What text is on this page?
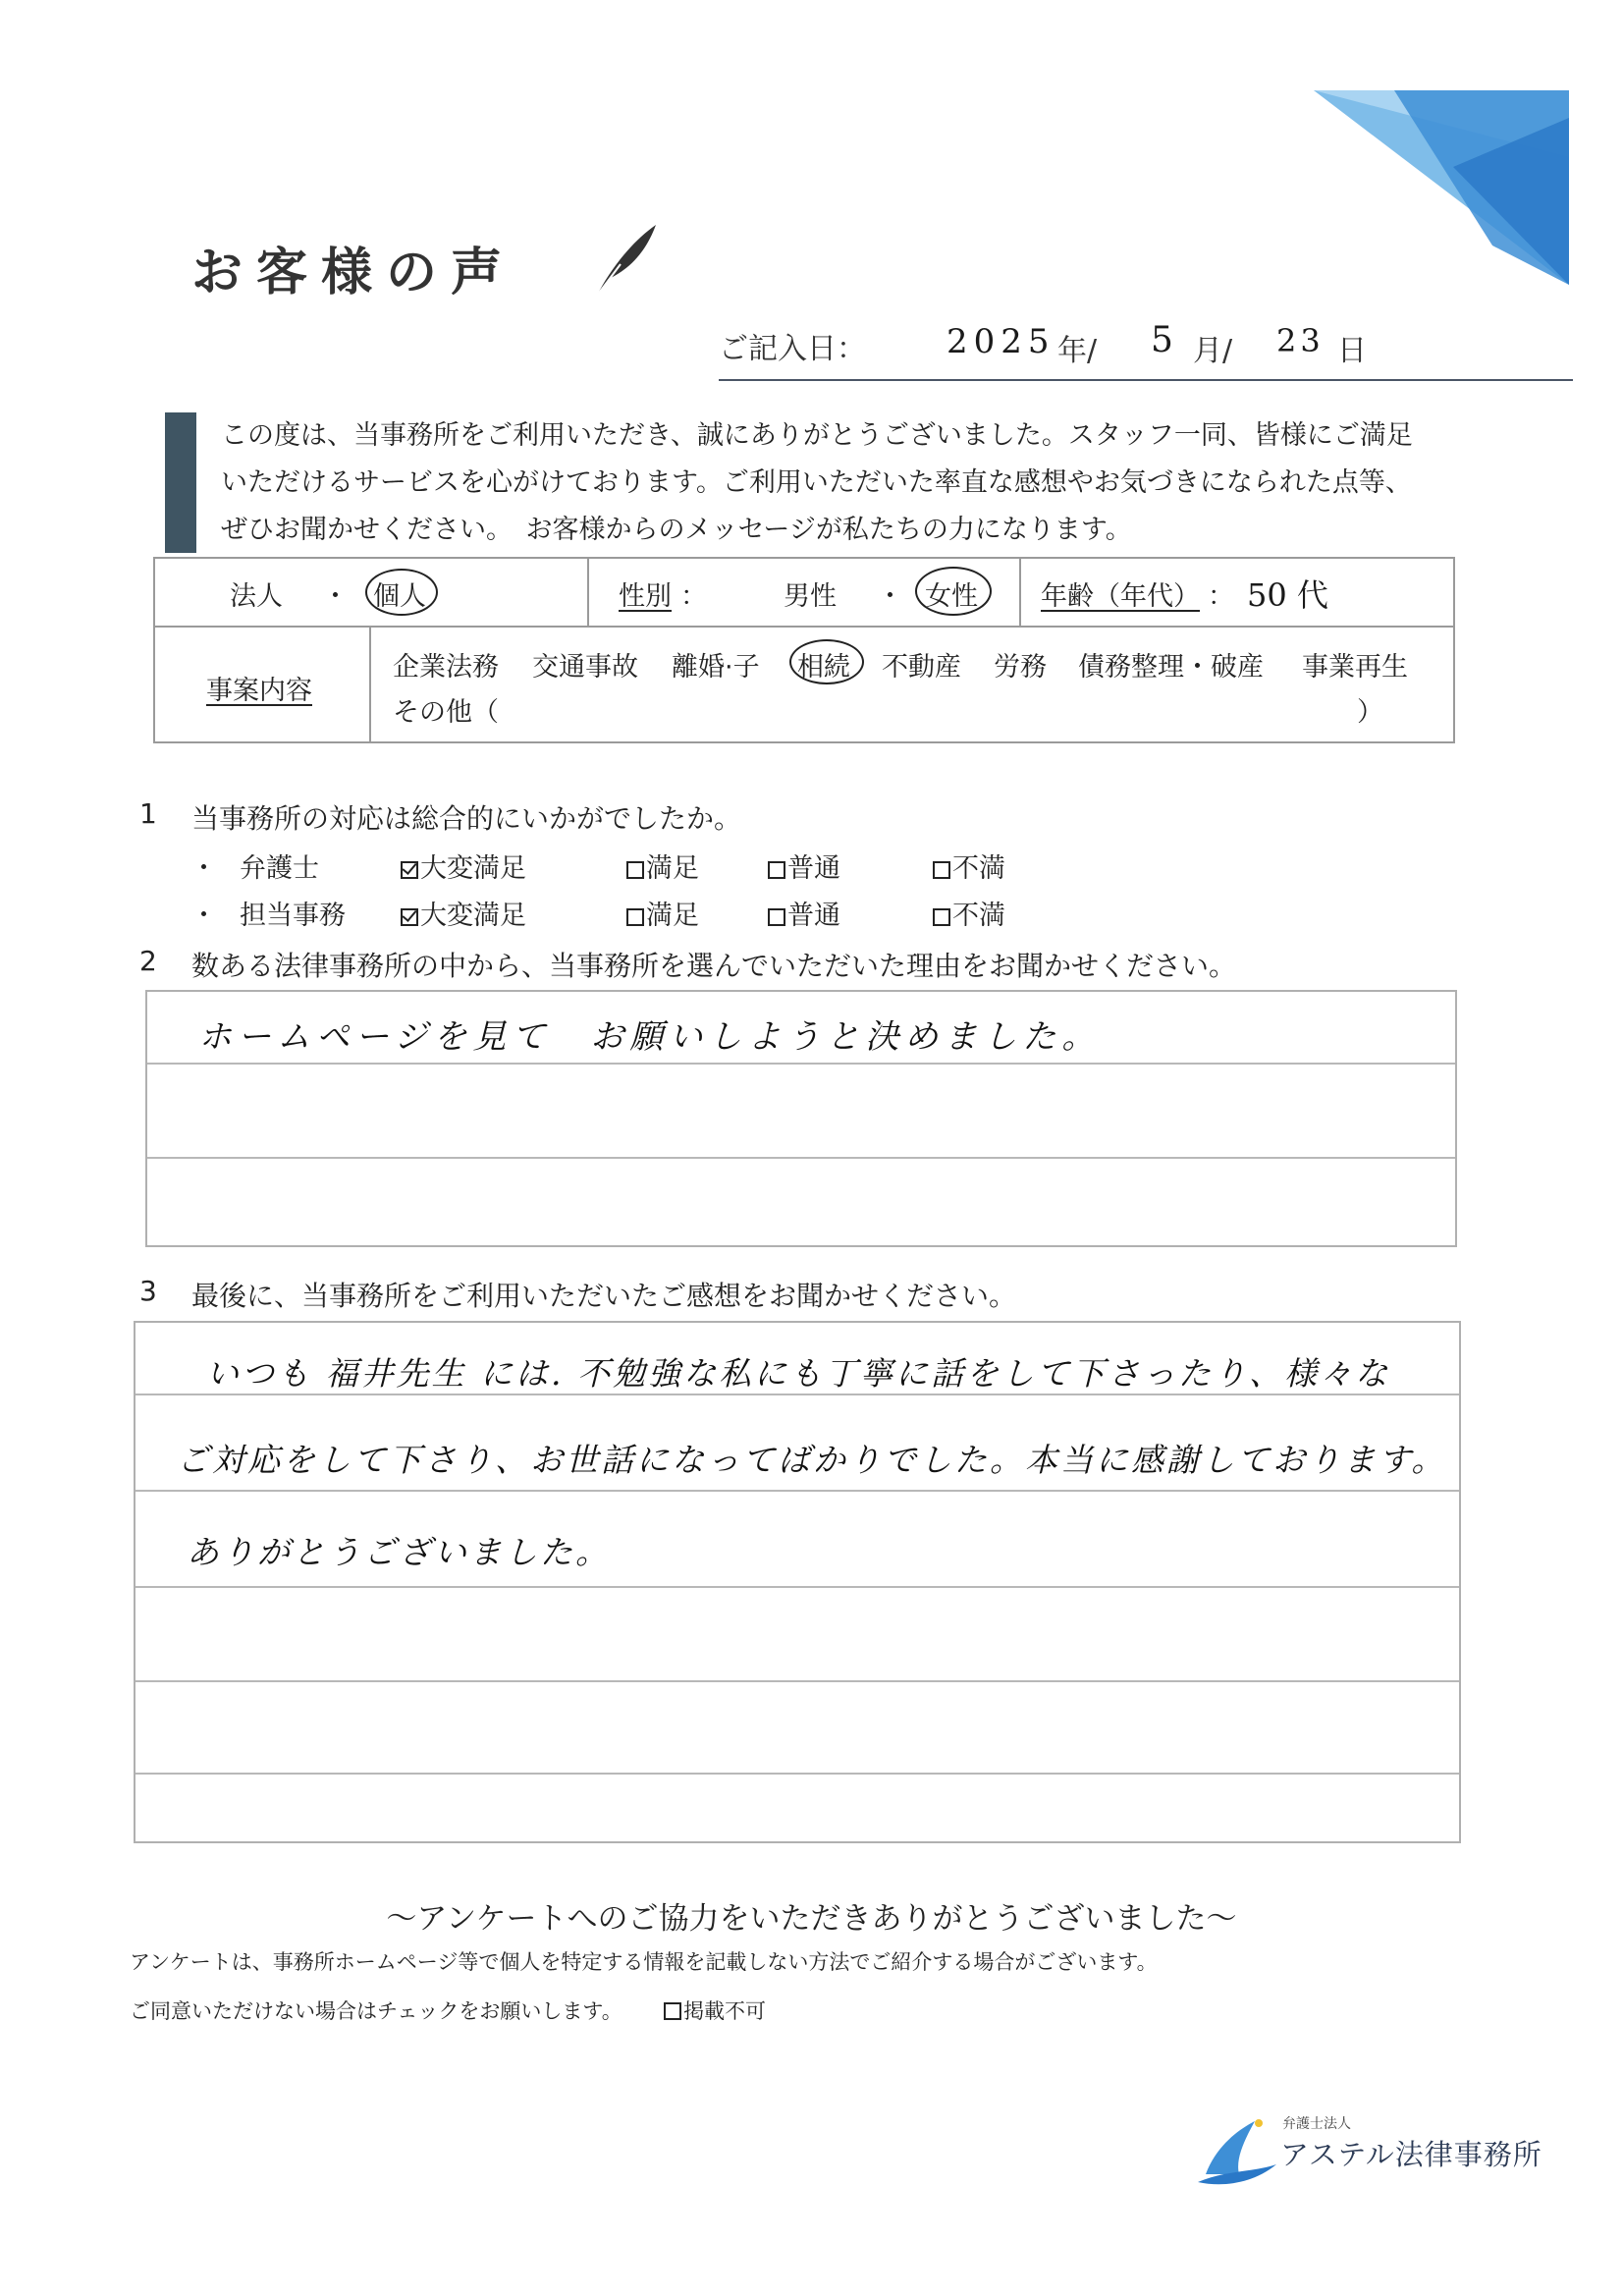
お客様の声
ご記入日： 2025 年/ 5 月/ 23 日
この度は、当事務所をご利用いただき、誠にありがとうございました。スタッフ一同、皆様にご満足
いただけるサービスを心がけております。ご利用いただいた率直な感想やお気づきになられた点等、
ぜひお聞かせください。　お客様からのメッセージが私たちの力になります。
法人 ・ 個人	性別 ：	男性 ・ 女性 年齢（年代） ： 50 代
事案内容
企業法務 交通事故 離婚·子 相続 不動産 労務 債務整理・破産 事業再生
その他（	）
1 当事務所の対応は総合的にいかがでしたか。
・ 弁護士	大変満足	満足	普通	不満
・ 担当事務	大変満足	満足	普通	不満
2 数ある法律事務所の中から、当事務所を選んでいただいた理由をお聞かせください。
ホームページを見て　お願いしようと決めました。
3 最後に、当事務所をご利用いただいたご感想をお聞かせください。
いつも 福井先生 には. 不勉強な私にも丁寧に話をして下さったり、様々な
ご対応をして下さり、お世話になってばかりでした。本当に感謝しております。
ありがとうございました。
～アンケートへのご協力をいただきありがとうございました～
アンケートは、事務所ホームページ等で個人を特定する情報を記載しない方法でご紹介する場合がございます。
ご同意いただけない場合はチェックをお願いします。	掲載不可
弁護士法人
アステル法律事務所
